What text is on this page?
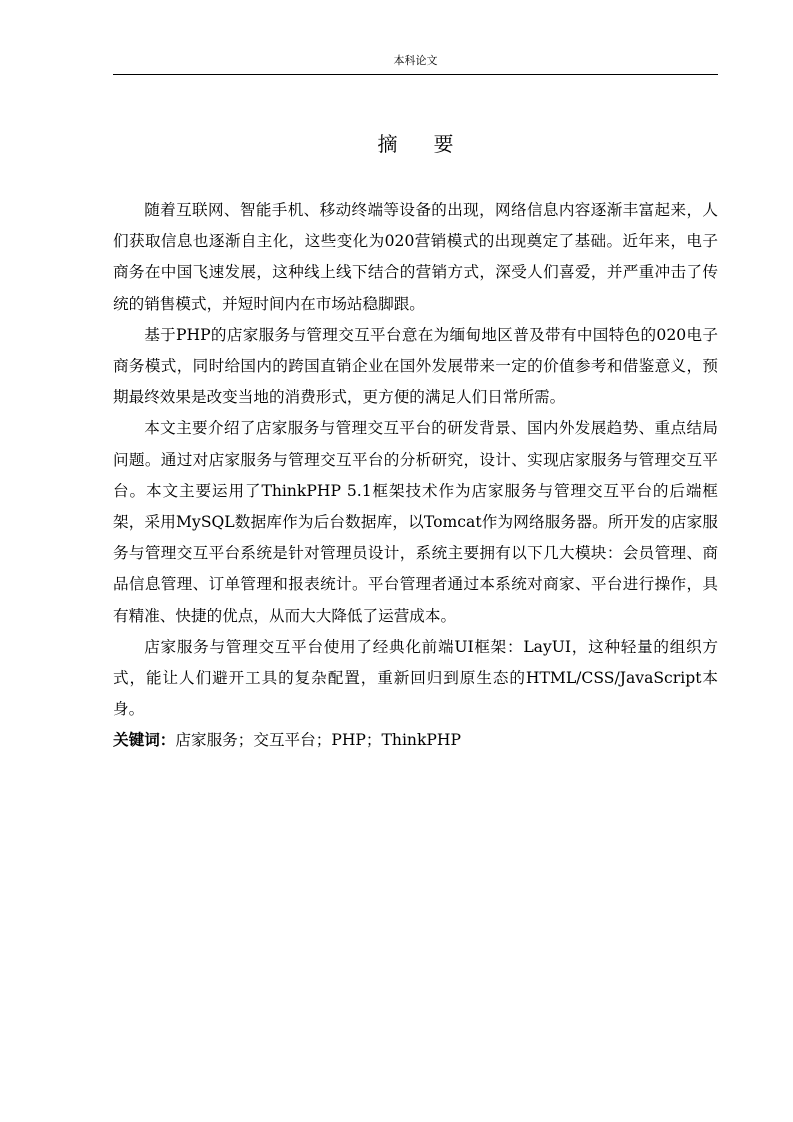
本科论文
摘要

随着互联网、智能手机、移动终端等设备的出现，网络信息内容逐渐丰富起来，人们获取信息也逐渐自主化，这些变化为020营销模式的出现奠定了基础。近年来，电子商务在中国飞速发展，这种线上线下结合的营销方式，深受人们喜爱，并严重冲击了传统的销售模式，并短时间内在市场站稳脚跟。

基于PHP的店家服务与管理交互平台意在为缅甸地区普及带有中国特色的020电子商务模式，同时给国内的跨国直销企业在国外发展带来一定的价值参考和借鉴意义，预期最终效果是改变当地的消费形式，更方便的满足人们日常所需。

本文主要介绍了店家服务与管理交互平台的研发背景、国内外发展趋势、重点结局问题。通过对店家服务与管理交互平台的分析研究，设计、实现店家服务与管理交互平台。本文主要运用了ThinkPHP 5.1框架技术作为店家服务与管理交互平台的后端框架，采用MySQL数据库作为后台数据库，以Tomcat作为网络服务器。所开发的店家服务与管理交互平台系统是针对管理员设计，系统主要拥有以下几大模块：会员管理、商品信息管理、订单管理和报表统计。平台管理者通过本系统对商家、平台进行操作，具有精准、快捷的优点，从而大大降低了运营成本。

店家服务与管理交互平台使用了经典化前端UI框架：LayUI，这种轻量的组织方式，能让人们避开工具的复杂配置，重新回归到原生态的HTML/CSS/JavaScript本身。

关键词：店家服务；交互平台；PHP；ThinkPHP
